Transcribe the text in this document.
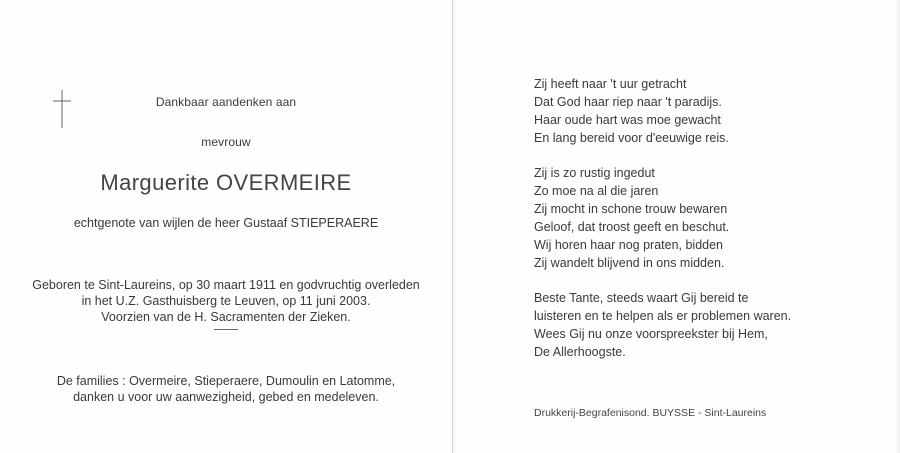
Dankbaar aandenken aan
mevrouw
Marguerite OVERMEIRE
echtgenote van wijlen de heer Gustaaf STIEPERAERE
Geboren te Sint-Laureins, op 30 maart 1911 en godvruchtig overleden
in het U.Z. Gasthuisberg te Leuven, op 11 juni 2003.
Voorzien van de H. Sacramenten der Zieken.
De families : Overmeire, Stieperaere, Dumoulin en Latomme,
danken u voor uw aanwezigheid, gebed en medeleven.
Zij heeft naar 't uur getracht
Dat God haar riep naar 't paradijs.
Haar oude hart was moe gewacht
En lang bereid voor d'eeuwige reis.
Zij is zo rustig ingedut
Zo moe na al die jaren
Zij mocht in schone trouw bewaren
Geloof, dat troost geeft en beschut.
Wij horen haar nog praten, bidden
Zij wandelt blijvend in ons midden.
Beste Tante, steeds waart Gij bereid te
luisteren en te helpen als er problemen waren.
Wees Gij nu onze voorspreekster bij Hem,
De Allerhoogste.
Drukkerij-Begrafenisond. BUYSSE - Sint-Laureins
